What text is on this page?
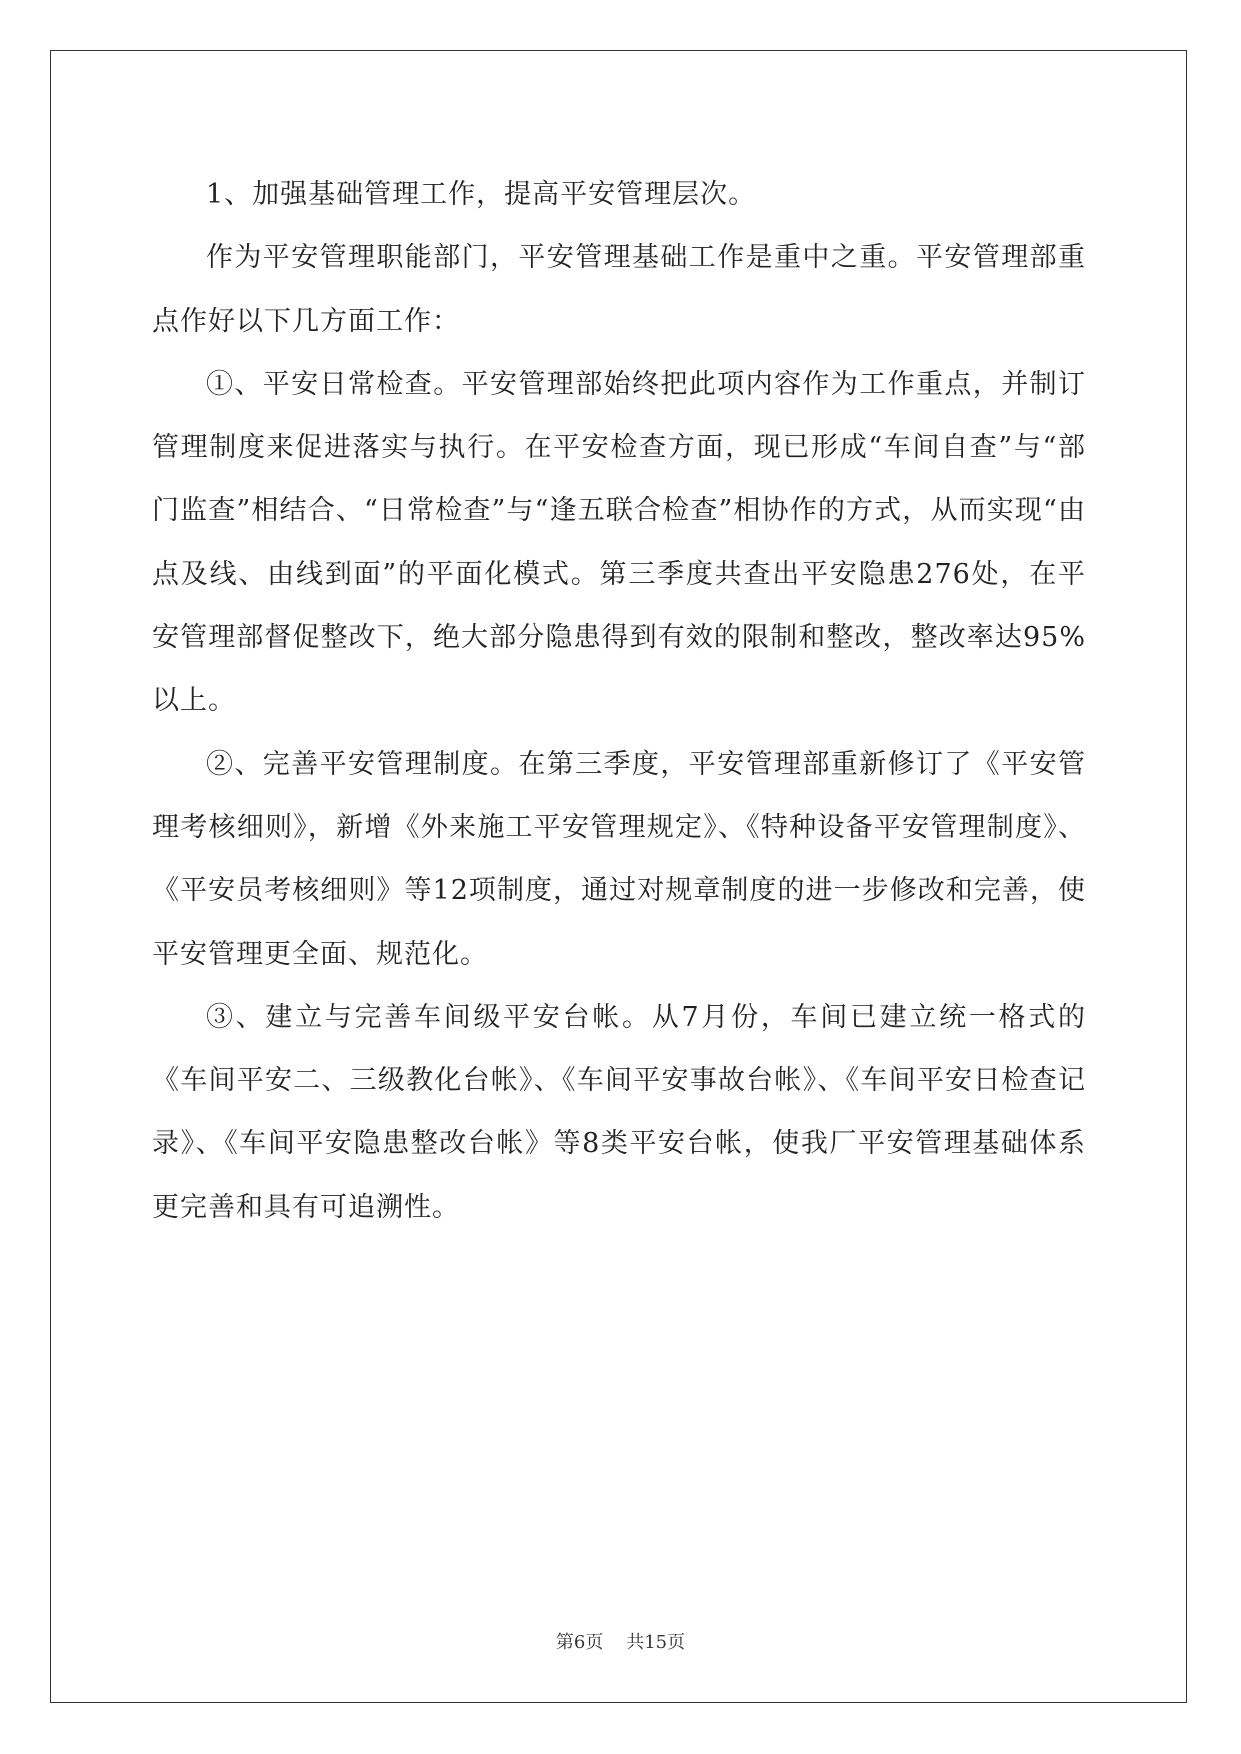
1、加强基础管理工作，提高平安管理层次。

作为平安管理职能部门，平安管理基础工作是重中之重。平安管理部重点作好以下几方面工作：

①、平安日常检查。平安管理部始终把此项内容作为工作重点，并制订管理制度来促进落实与执行。在平安检查方面，现已形成“车间自查”与“部门监查”相结合、“日常检查”与“逢五联合检查”相协作的方式，从而实现“由点及线、由线到面”的平面化模式。第三季度共查出平安隐患276处，在平安管理部督促整改下，绝大部分隐患得到有效的限制和整改，整改率达95%以上。

②、完善平安管理制度。在第三季度，平安管理部重新修订了《平安管理考核细则》，新增《外来施工平安管理规定》、《特种设备平安管理制度》、《平安员考核细则》等12项制度，通过对规章制度的进一步修改和完善，使平安管理更全面、规范化。

③、建立与完善车间级平安台帐。从7月份，车间已建立统一格式的《车间平安二、三级教化台帐》、《车间平安事故台帐》、《车间平安日检查记录》、《车间平安隐患整改台帐》等8类平安台帐，使我厂平安管理基础体系更完善和具有可追溯性。

第6页    共15页
